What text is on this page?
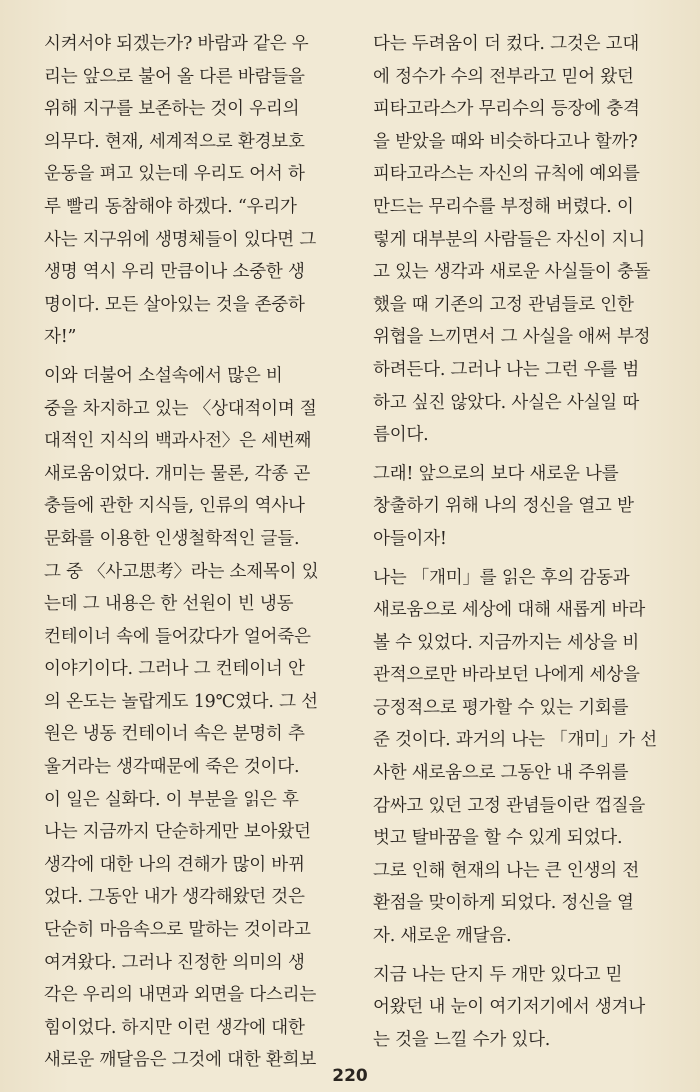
시켜서야 되겠는가? 바람과 같은 우
리는 앞으로 불어 올 다른 바람들을
위해 지구를 보존하는 것이 우리의
의무다. 현재, 세계적으로 환경보호
운동을 펴고 있는데 우리도 어서 하
루 빨리 동참해야 하겠다. “우리가
사는 지구위에 생명체들이 있다면 그
생명 역시 우리 만큼이나 소중한 생
명이다. 모든 살아있는 것을 존중하
자!”
이와 더불어 소설속에서 많은 비
중을 차지하고 있는 〈상대적이며 절
대적인 지식의 백과사전〉은 세번째
새로움이었다. 개미는 물론, 각종 곤
충들에 관한 지식들, 인류의 역사나
문화를 이용한 인생철학적인 글들.
그 중 〈사고思考〉라는 소제목이 있
는데 그 내용은 한 선원이 빈 냉동
컨테이너 속에 들어갔다가 얼어죽은
이야기이다. 그러나 그 컨테이너 안
의 온도는 놀랍게도 19℃였다. 그 선
원은 냉동 컨테이너 속은 분명히 추
울거라는 생각때문에 죽은 것이다.
이 일은 실화다. 이 부분을 읽은 후
나는 지금까지 단순하게만 보아왔던
생각에 대한 나의 견해가 많이 바뀌
었다. 그동안 내가 생각해왔던 것은
단순히 마음속으로 말하는 것이라고
여겨왔다. 그러나 진정한 의미의 생
각은 우리의 내면과 외면을 다스리는
힘이었다. 하지만 이런 생각에 대한
새로운 깨달음은 그것에 대한 환희보
다는 두려움이 더 컸다. 그것은 고대
에 정수가 수의 전부라고 믿어 왔던
피타고라스가 무리수의 등장에 충격
을 받았을 때와 비슷하다고나 할까?
피타고라스는 자신의 규칙에 예외를
만드는 무리수를 부정해 버렸다. 이
렇게 대부분의 사람들은 자신이 지니
고 있는 생각과 새로운 사실들이 충돌
했을 때 기존의 고정 관념들로 인한
위협을 느끼면서 그 사실을 애써 부정
하려든다. 그러나 나는 그런 우를 범
하고 싶진 않았다. 사실은 사실일 따
름이다.
그래! 앞으로의 보다 새로운 나를
창출하기 위해 나의 정신을 열고 받
아들이자!
나는 「개미」를 읽은 후의 감동과
새로움으로 세상에 대해 새롭게 바라
볼 수 있었다. 지금까지는 세상을 비
관적으로만 바라보던 나에게 세상을
긍정적으로 평가할 수 있는 기회를
준 것이다. 과거의 나는 「개미」가 선
사한 새로움으로 그동안 내 주위를
감싸고 있던 고정 관념들이란 껍질을
벗고 탈바꿈을 할 수 있게 되었다.
그로 인해 현재의 나는 큰 인생의 전
환점을 맞이하게 되었다. 정신을 열
자. 새로운 깨달음.
지금 나는 단지 두 개만 있다고 믿
어왔던 내 눈이 여기저기에서 생겨나
는 것을 느낄 수가 있다.
220
